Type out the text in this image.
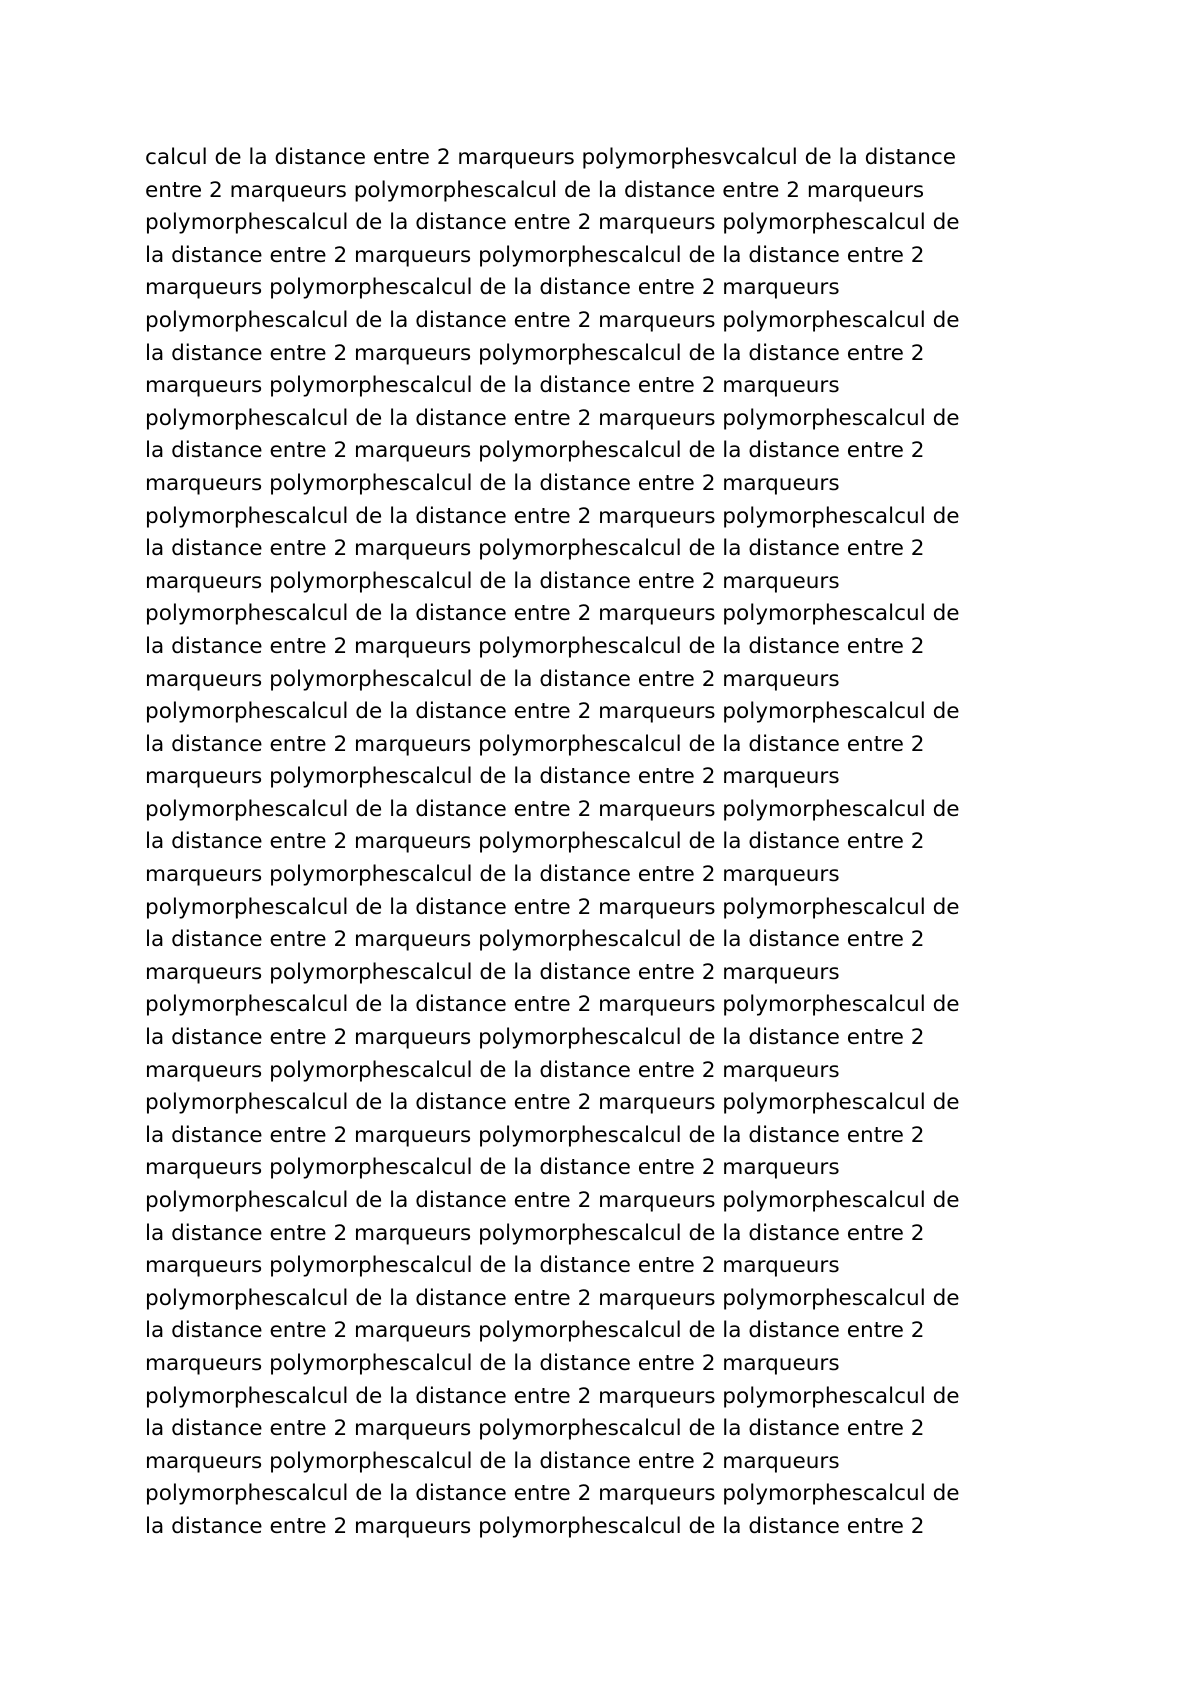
calcul de la distance entre 2 marqueurs polymorphesvcalcul de la distance
entre 2 marqueurs polymorphescalcul de la distance entre 2 marqueurs
polymorphescalcul de la distance entre 2 marqueurs polymorphescalcul de
la distance entre 2 marqueurs polymorphescalcul de la distance entre 2
marqueurs polymorphescalcul de la distance entre 2 marqueurs
polymorphescalcul de la distance entre 2 marqueurs polymorphescalcul de
la distance entre 2 marqueurs polymorphescalcul de la distance entre 2
marqueurs polymorphescalcul de la distance entre 2 marqueurs
polymorphescalcul de la distance entre 2 marqueurs polymorphescalcul de
la distance entre 2 marqueurs polymorphescalcul de la distance entre 2
marqueurs polymorphescalcul de la distance entre 2 marqueurs
polymorphescalcul de la distance entre 2 marqueurs polymorphescalcul de
la distance entre 2 marqueurs polymorphescalcul de la distance entre 2
marqueurs polymorphescalcul de la distance entre 2 marqueurs
polymorphescalcul de la distance entre 2 marqueurs polymorphescalcul de
la distance entre 2 marqueurs polymorphescalcul de la distance entre 2
marqueurs polymorphescalcul de la distance entre 2 marqueurs
polymorphescalcul de la distance entre 2 marqueurs polymorphescalcul de
la distance entre 2 marqueurs polymorphescalcul de la distance entre 2
marqueurs polymorphescalcul de la distance entre 2 marqueurs
polymorphescalcul de la distance entre 2 marqueurs polymorphescalcul de
la distance entre 2 marqueurs polymorphescalcul de la distance entre 2
marqueurs polymorphescalcul de la distance entre 2 marqueurs
polymorphescalcul de la distance entre 2 marqueurs polymorphescalcul de
la distance entre 2 marqueurs polymorphescalcul de la distance entre 2
marqueurs polymorphescalcul de la distance entre 2 marqueurs
polymorphescalcul de la distance entre 2 marqueurs polymorphescalcul de
la distance entre 2 marqueurs polymorphescalcul de la distance entre 2
marqueurs polymorphescalcul de la distance entre 2 marqueurs
polymorphescalcul de la distance entre 2 marqueurs polymorphescalcul de
la distance entre 2 marqueurs polymorphescalcul de la distance entre 2
marqueurs polymorphescalcul de la distance entre 2 marqueurs
polymorphescalcul de la distance entre 2 marqueurs polymorphescalcul de
la distance entre 2 marqueurs polymorphescalcul de la distance entre 2
marqueurs polymorphescalcul de la distance entre 2 marqueurs
polymorphescalcul de la distance entre 2 marqueurs polymorphescalcul de
la distance entre 2 marqueurs polymorphescalcul de la distance entre 2
marqueurs polymorphescalcul de la distance entre 2 marqueurs
polymorphescalcul de la distance entre 2 marqueurs polymorphescalcul de
la distance entre 2 marqueurs polymorphescalcul de la distance entre 2
marqueurs polymorphescalcul de la distance entre 2 marqueurs
polymorphescalcul de la distance entre 2 marqueurs polymorphescalcul de
la distance entre 2 marqueurs polymorphescalcul de la distance entre 2
